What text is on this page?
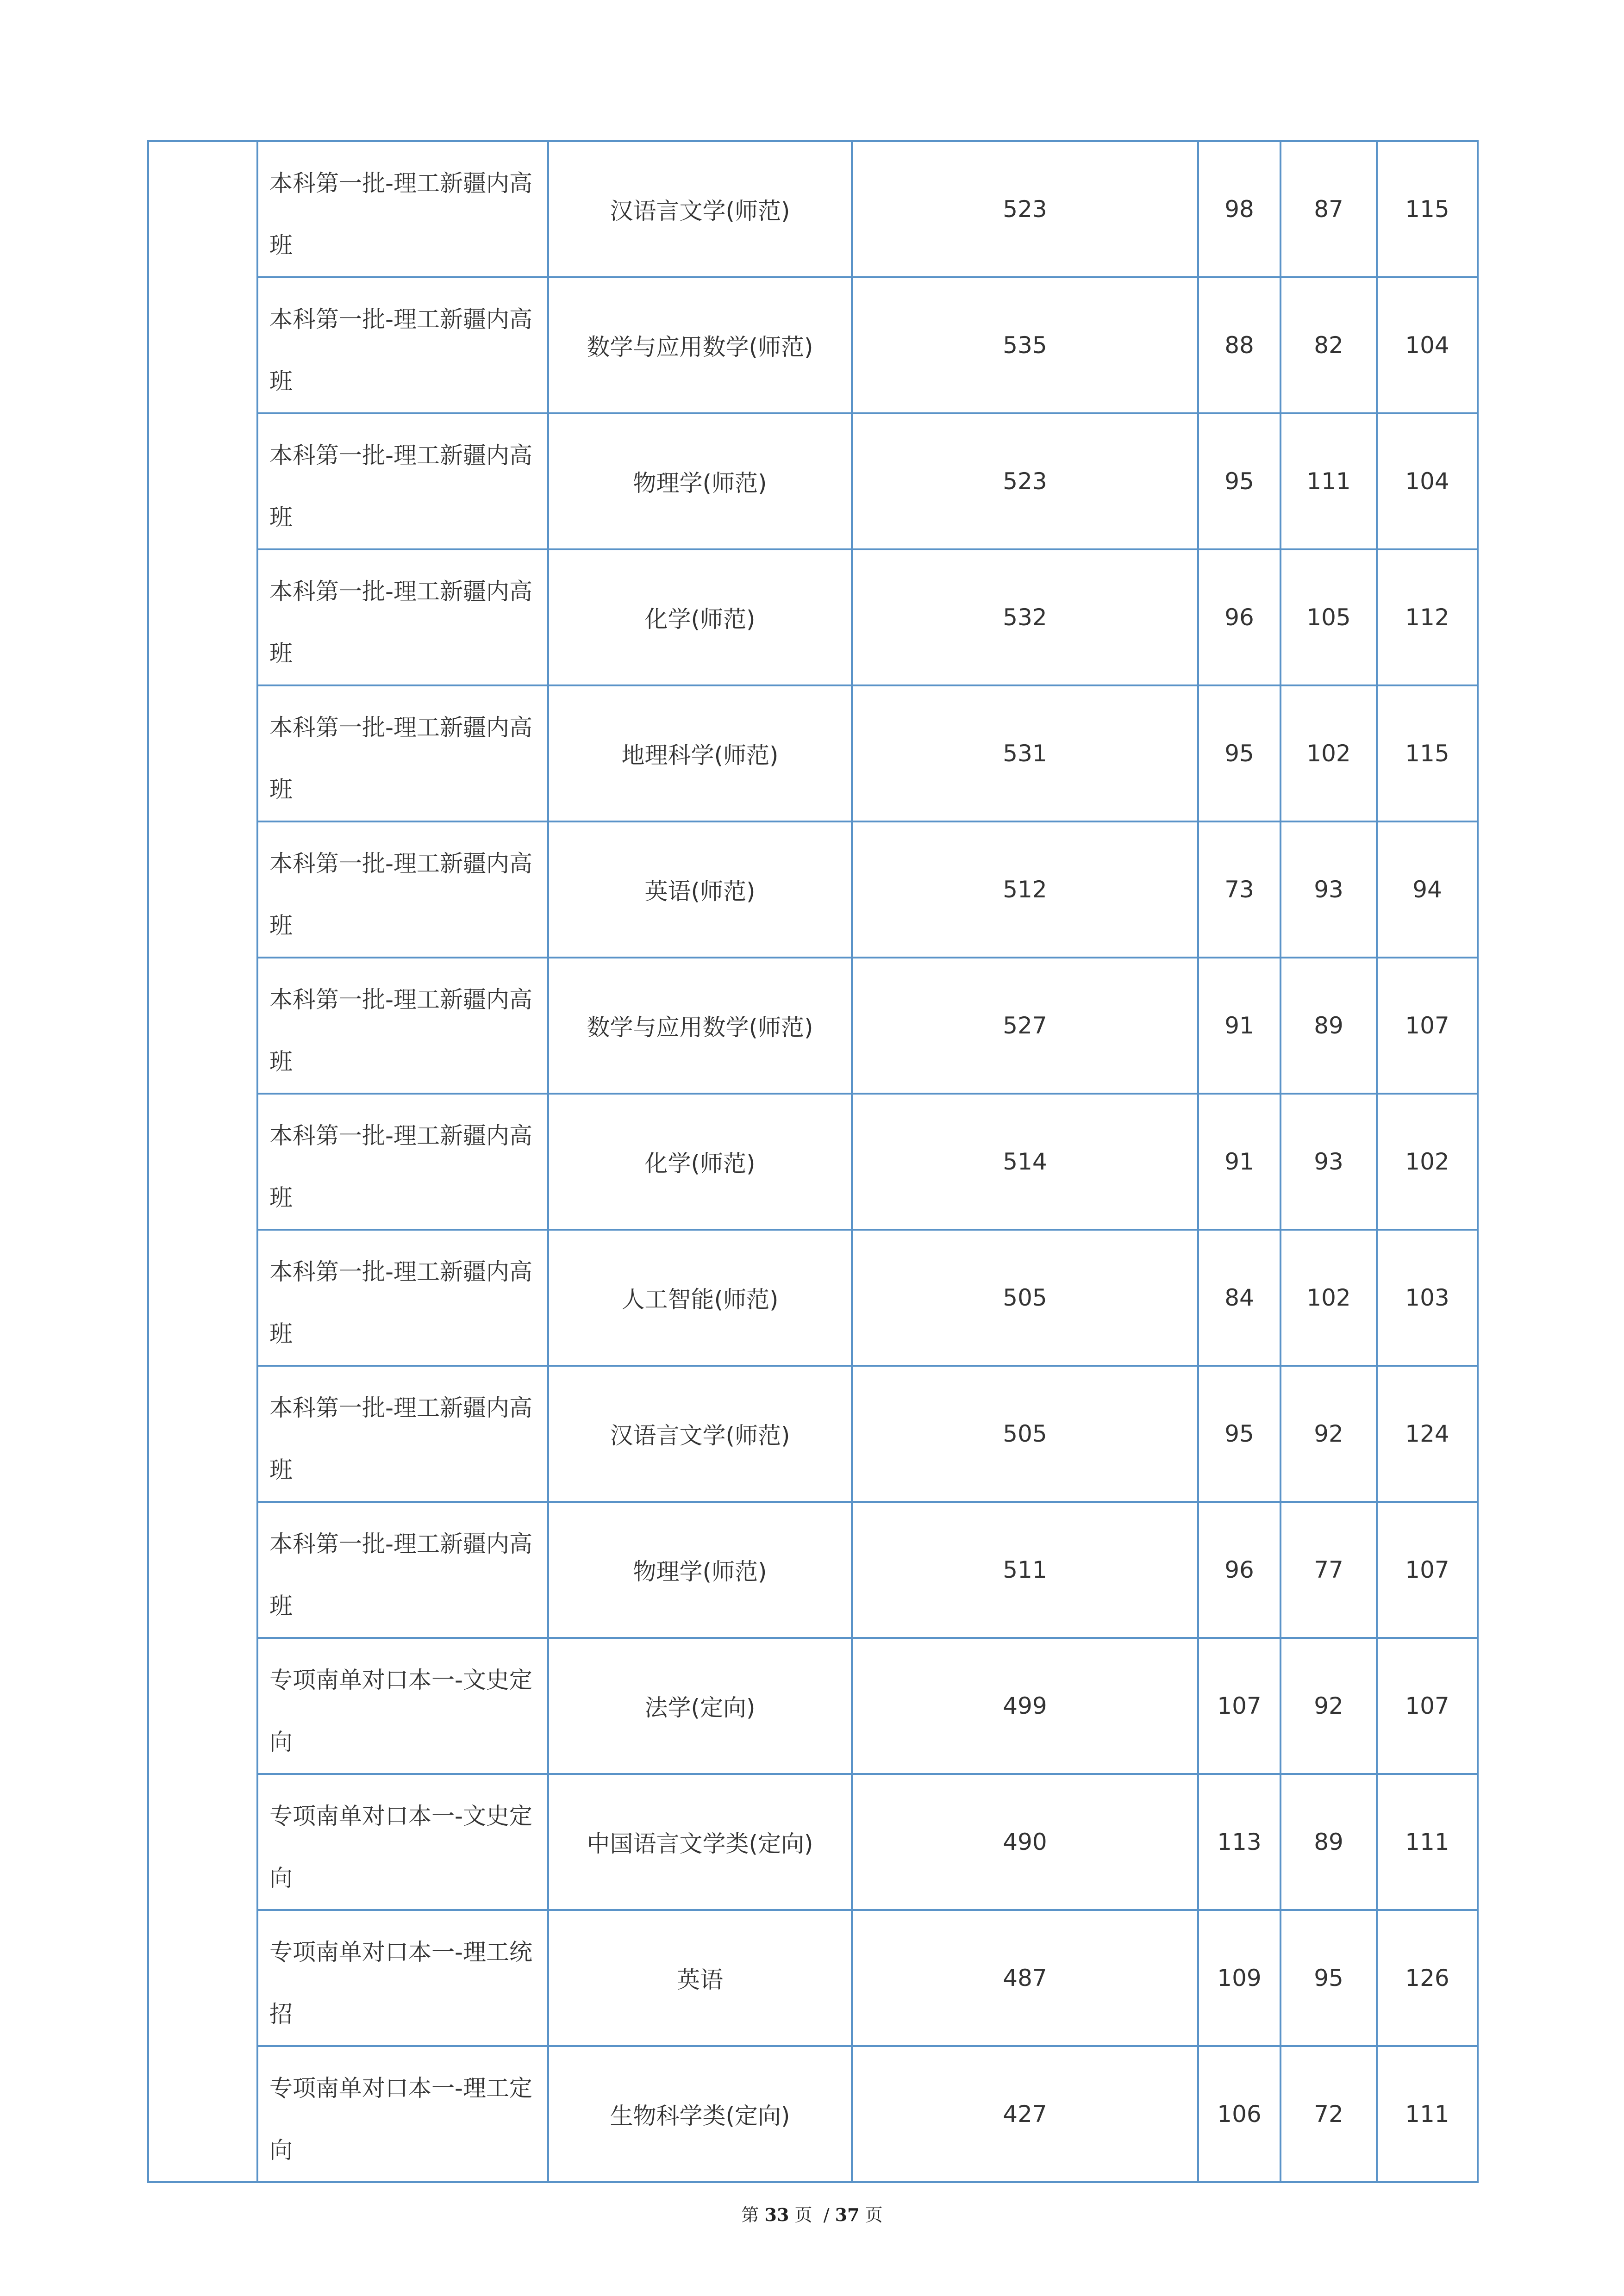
	本科第一批-理工新疆内高班	汉语言文学(师范)	523	98	87	115
	本科第一批-理工新疆内高班	数学与应用数学(师范)	535	88	82	104
	本科第一批-理工新疆内高班	物理学(师范)	523	95	111	104
	本科第一批-理工新疆内高班	化学(师范)	532	96	105	112
	本科第一批-理工新疆内高班	地理科学(师范)	531	95	102	115
	本科第一批-理工新疆内高班	英语(师范)	512	73	93	94
	本科第一批-理工新疆内高班	数学与应用数学(师范)	527	91	89	107
	本科第一批-理工新疆内高班	化学(师范)	514	91	93	102
	本科第一批-理工新疆内高班	人工智能(师范)	505	84	102	103
	本科第一批-理工新疆内高班	汉语言文学(师范)	505	95	92	124
	本科第一批-理工新疆内高班	物理学(师范)	511	96	77	107
	专项南单对口本一-文史定向	法学(定向)	499	107	92	107
	专项南单对口本一-文史定向	中国语言文学类(定向)	490	113	89	111
	专项南单对口本一-理工统招	英语	487	109	95	126
	专项南单对口本一-理工定向	生物科学类(定向)	427	106	72	111
第 33 页 / 37 页
